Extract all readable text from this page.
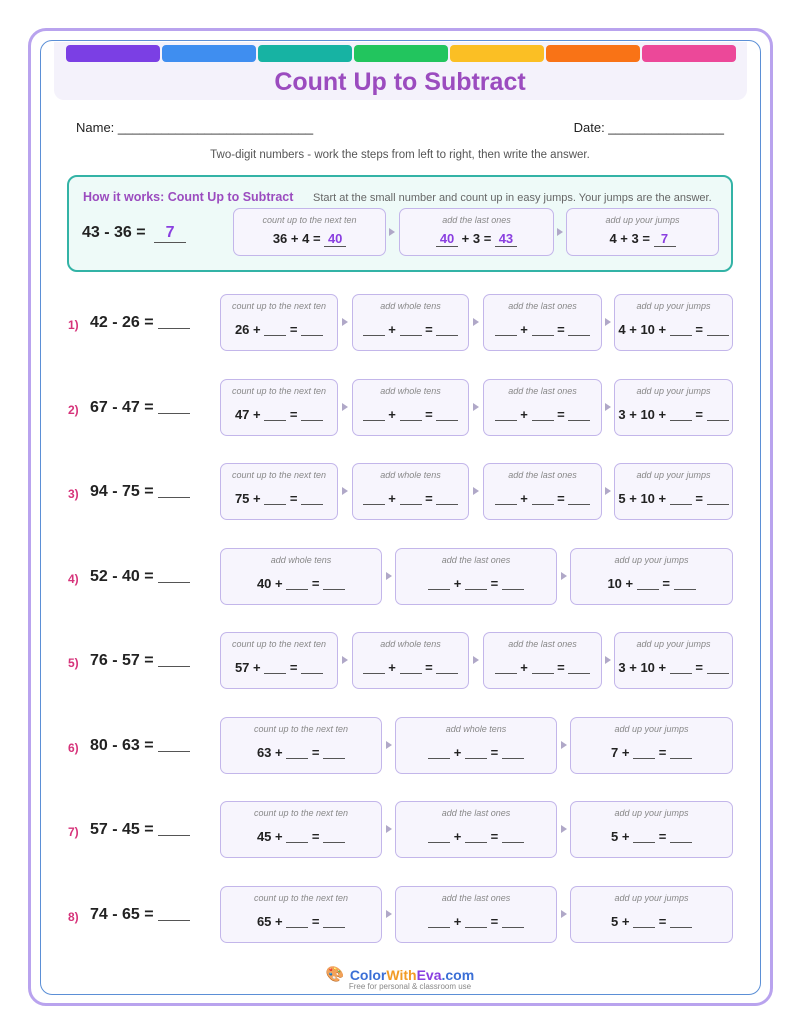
Count Up to Subtract
Name: ___________________________	Date: ________________
Two-digit numbers - work the steps from left to right, then write the answer.
How it works: Count Up to Subtract Start at the small number and count up in easy jumps. Your jumps are the answer.
43 - 36 = 7
count up to the next ten
36 + 4 = 40
add the last ones
40 + 3 = 43
add up your jumps
4 + 3 = 7
1) 42 - 26 =
count up to the next ten
26 +  =
add whole tens
+  =
add the last ones
+  =
add up your jumps
4 + 10 +  =
2) 67 - 47 =
count up to the next ten
47 +  =
add whole tens
+  =
add the last ones
+  =
add up your jumps
3 + 10 +  =
3) 94 - 75 =
count up to the next ten
75 +  =
add whole tens
+  =
add the last ones
+  =
add up your jumps
5 + 10 +  =
4) 52 - 40 =
add whole tens
40 +  =
add the last ones
+  =
add up your jumps
10 +  =
5) 76 - 57 =
count up to the next ten
57 +  =
add whole tens
+  =
add the last ones
+  =
add up your jumps
3 + 10 +  =
6) 80 - 63 =
count up to the next ten
63 +  =
add whole tens
+  =
add up your jumps
7 +  =
7) 57 - 45 =
count up to the next ten
45 +  =
add the last ones
+  =
add up your jumps
5 +  =
8) 74 - 65 =
count up to the next ten
65 +  =
add the last ones
+  =
add up your jumps
5 +  =
🎨 ColorWithEva.com
Free for personal & classroom use
